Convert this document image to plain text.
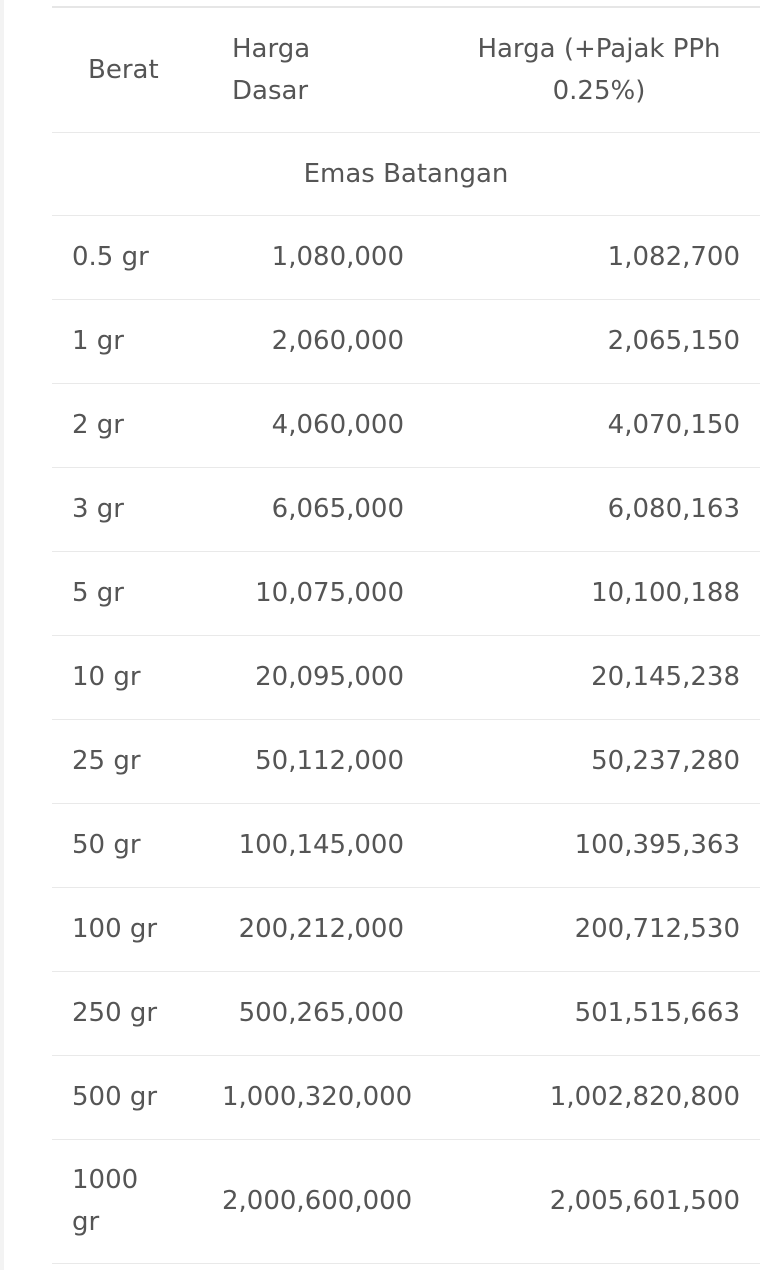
Berat	Harga Dasar	Harga (+Pajak PPh 0.25%)
Emas Batangan		
0.5 gr	1,080,000	1,082,700
1 gr	2,060,000	2,065,150
2 gr	4,060,000	4,070,150
3 gr	6,065,000	6,080,163
5 gr	10,075,000	10,100,188
10 gr	20,095,000	20,145,238
25 gr	50,112,000	50,237,280
50 gr	100,145,000	100,395,363
100 gr	200,212,000	200,712,530
250 gr	500,265,000	501,515,663
500 gr	1,000,320,000	1,002,820,800
1000 gr	2,000,600,000	2,005,601,500
